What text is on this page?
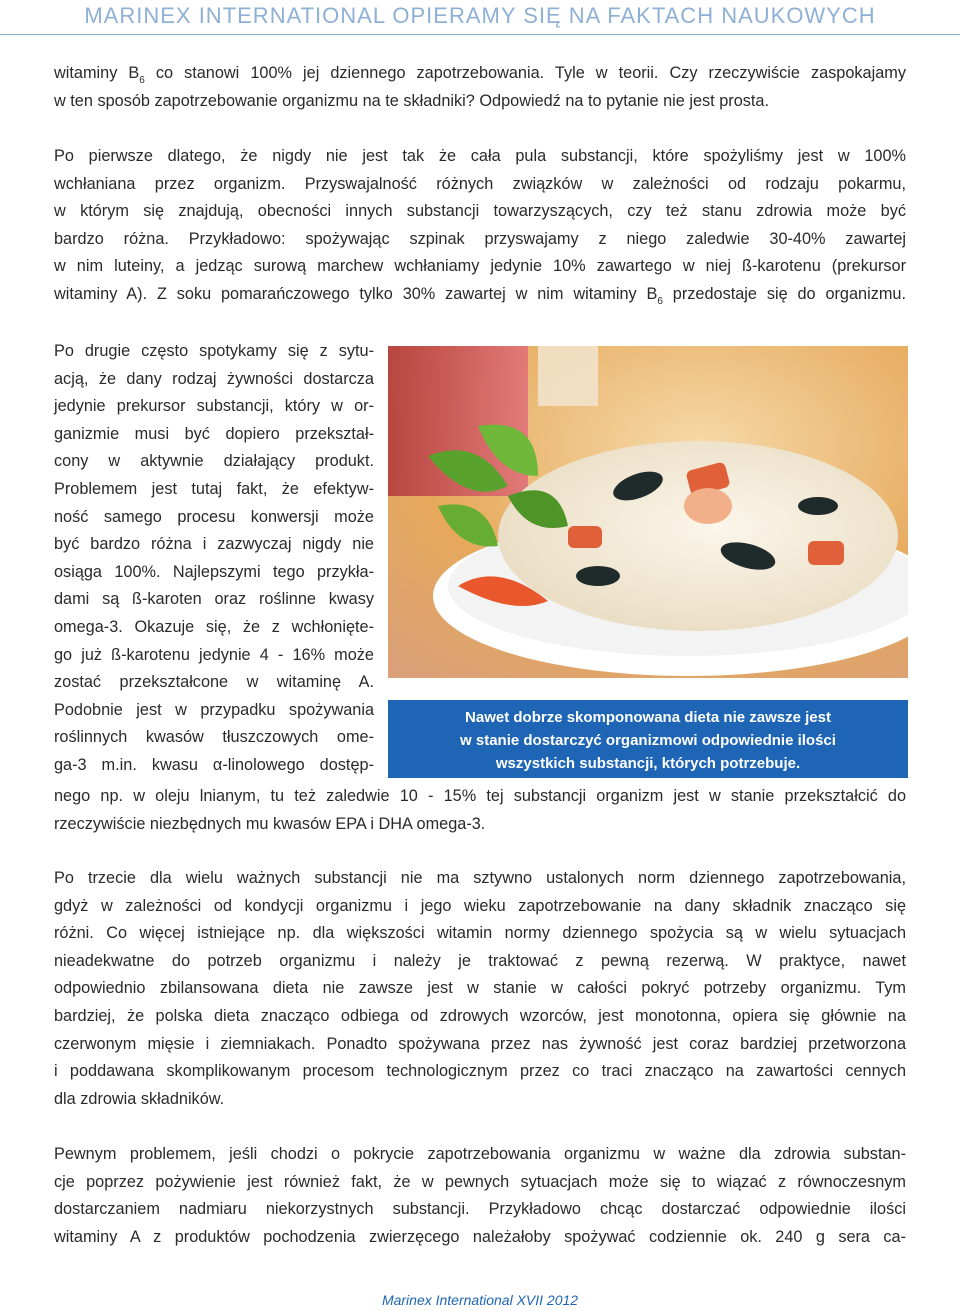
MARINEX INTERNATIONAL OPIERAMY SIĘ NA FAKTACH NAUKOWYCH

witaminy $B_6$ co stanowi 100% jej dziennego zapotrzebowania. Tyle w teorii. Czy rzeczywiście zaspokajamy
w ten sposób zapotrzebowanie organizmu na te składniki? Odpowiedź na to pytanie nie jest prosta.

Po pierwsze dlatego, że nigdy nie jest tak że cała pula substancji, które spożyliśmy jest w 100%
wchłaniana przez organizm. Przyswajalność różnych związków w zależności od rodzaju pokarmu,
w którym się znajdują, obecności innych substancji towarzyszących, czy też stanu zdrowia może być
bardzo różna. Przykładowo: spożywając szpinak przyswajamy z niego zaledwie 30-40% zawartej
w nim luteiny, a jedząc surową marchew wchłaniamy jedynie 10% zawartego w niej ß-karotenu (prekursor
witaminy A). Z soku pomarańczowego tylko 30% zawartej w nim witaminy $B_6$ przedostaje się do organizmu.

Po drugie często spotykamy się z sytu-
acją, że dany rodzaj żywności dostarcza
jedynie prekursor substancji, który w or-
ganizmie musi być dopiero przekształ-
cony w aktywnie działający produkt.
Problemem jest tutaj fakt, że efektyw-
ność samego procesu konwersji może
być bardzo różna i zazwyczaj nigdy nie
osiąga 100%. Najlepszymi tego przykła-
dami są ß-karoten oraz roślinne kwasy
omega-3. Okazuje się, że z wchłonięte-
go już ß-karotenu jedynie 4 - 16% może
zostać przekształcone w witaminę A.
Podobnie jest w przypadku spożywania
roślinnych kwasów tłuszczowych ome-
ga-3 m.in. kwasu α-linolowego dostęp-
Nawet dobrze skomponowana dieta nie zawsze jest
w stanie dostarczyć organizmowi odpowiednie ilości
wszystkich substancji, których potrzebuje.

nego np. w oleju lnianym, tu też zaledwie 10 - 15% tej substancji organizm jest w stanie przekształcić do
rzeczywiście niezbędnych mu kwasów EPA i DHA omega-3.

Po trzecie dla wielu ważnych substancji nie ma sztywno ustalonych norm dziennego zapotrzebowania,
gdyż w zależności od kondycji organizmu i jego wieku zapotrzebowanie na dany składnik znacząco się
różni. Co więcej istniejące np. dla większości witamin normy dziennego spożycia są w wielu sytuacjach
nieadekwatne do potrzeb organizmu i należy je traktować z pewną rezerwą. W praktyce, nawet
odpowiednio zbilansowana dieta nie zawsze jest w stanie w całości pokryć potrzeby organizmu. Tym
bardziej, że polska dieta znacząco odbiega od zdrowych wzorców, jest monotonna, opiera się głównie na
czerwonym mięsie i ziemniakach. Ponadto spożywana przez nas żywność jest coraz bardziej przetworzona
i poddawana skomplikowanym procesom technologicznym przez co traci znacząco na zawartości cennych
dla zdrowia składników.

Pewnym problemem, jeśli chodzi o pokrycie zapotrzebowania organizmu w ważne dla zdrowia substan-
cje poprzez pożywienie jest również fakt, że w pewnych sytuacjach może się to wiązać z równoczesnym
dostarczaniem nadmiaru niekorzystnych substancji. Przykładowo chcąc dostarczać odpowiednie ilości
witaminy A z produktów pochodzenia zwierzęcego należałoby spożywać codziennie ok. 240 g sera ca-

Marinex International XVII 2012
